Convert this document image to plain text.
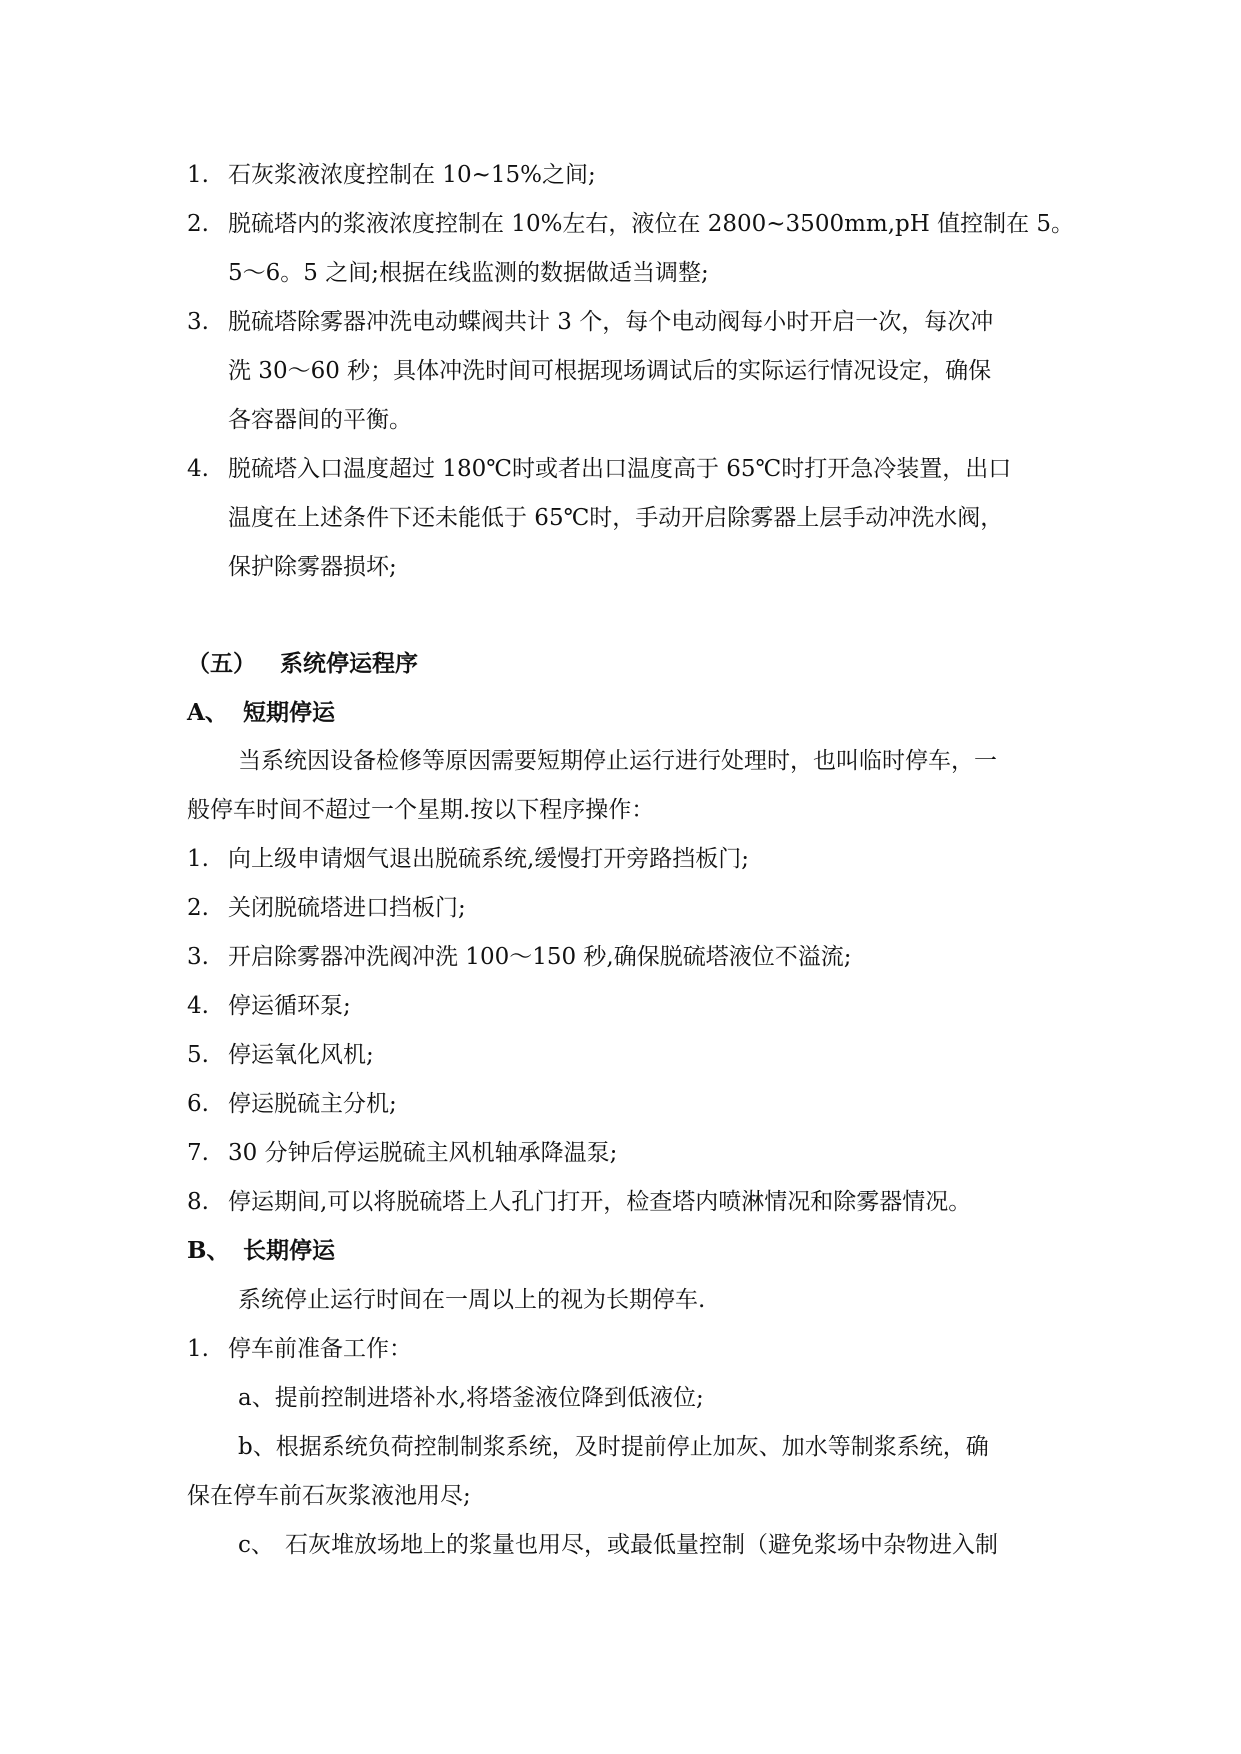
1. 石灰浆液浓度控制在 10~15%之间;
2. 脱硫塔内的浆液浓度控制在 10%左右，液位在 2800~3500mm,pH 值控制在 5。
5～6。5 之间;根据在线监测的数据做适当调整;
3. 脱硫塔除雾器冲洗电动蝶阀共计 3 个，每个电动阀每小时开启一次，每次冲
洗 30～60 秒；具体冲洗时间可根据现场调试后的实际运行情况设定，确保
各容器间的平衡。
4. 脱硫塔入口温度超过 180℃时或者出口温度高于 65℃时打开急冷装置，出口
温度在上述条件下还未能低于 65℃时，手动开启除雾器上层手动冲洗水阀，
保护除雾器损坏;
（五） 系统停运程序
A、 短期停运
当系统因设备检修等原因需要短期停止运行进行处理时，也叫临时停车，一
般停车时间不超过一个星期.按以下程序操作：
1. 向上级申请烟气退出脱硫系统,缓慢打开旁路挡板门;
2. 关闭脱硫塔进口挡板门;
3. 开启除雾器冲洗阀冲洗 100～150 秒,确保脱硫塔液位不溢流;
4. 停运循环泵;
5. 停运氧化风机;
6. 停运脱硫主分机;
7. 30 分钟后停运脱硫主风机轴承降温泵;
8. 停运期间,可以将脱硫塔上人孔门打开，检查塔内喷淋情况和除雾器情况。
B、 长期停运
系统停止运行时间在一周以上的视为长期停车.
1. 停车前准备工作：
a、提前控制进塔补水,将塔釜液位降到低液位;
b、根据系统负荷控制制浆系统，及时提前停止加灰、加水等制浆系统，确
保在停车前石灰浆液池用尽;
c、 石灰堆放场地上的浆量也用尽，或最低量控制（避免浆场中杂物进入制
